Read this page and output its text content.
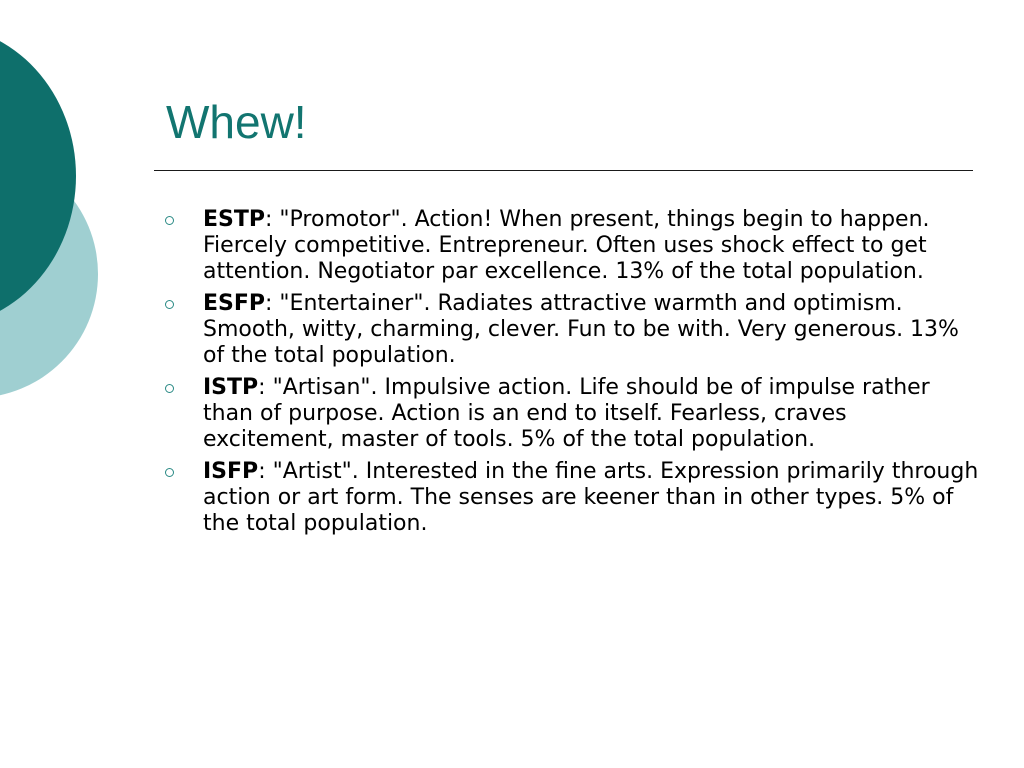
Whew!
ESTP: "Promotor". Action! When present, things begin to happen. Fiercely competitive. Entrepreneur. Often uses shock effect to get attention. Negotiator par excellence. 13% of the total population.
ESFP: "Entertainer". Radiates attractive warmth and optimism. Smooth, witty, charming, clever. Fun to be with. Very generous. 13% of the total population.
ISTP: "Artisan". Impulsive action. Life should be of impulse rather than of purpose. Action is an end to itself. Fearless, craves excitement, master of tools. 5% of the total population.
ISFP: "Artist". Interested in the fine arts. Expression primarily through action or art form. The senses are keener than in other types. 5% of the total population.
